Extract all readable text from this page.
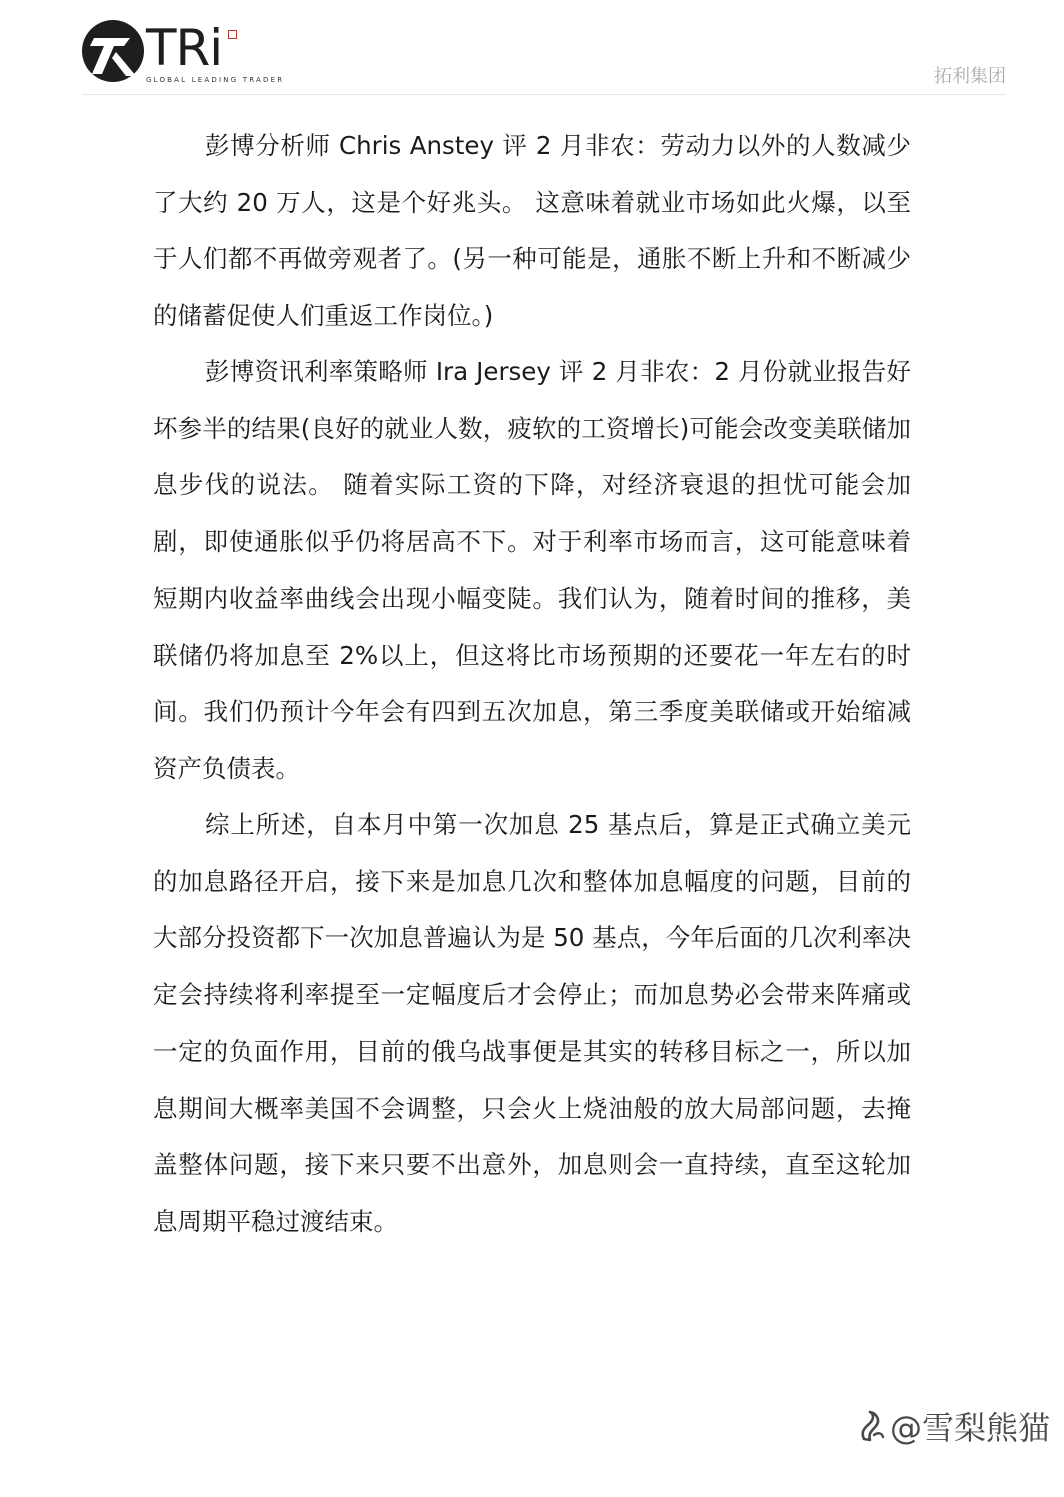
TRi
GLOBAL LEADING TRADER	拓利集团

彭博分析师 Chris Anstey 评 2 月非农：劳动力以外的人数减少了大约 20 万人，这是个好兆头。 这意味着就业市场如此火爆，以至于人们都不再做旁观者了。(另一种可能是，通胀不断上升和不断减少的储蓄促使人们重返工作岗位。)

彭博资讯利率策略师 Ira Jersey 评 2 月非农：2 月份就业报告好坏参半的结果(良好的就业人数，疲软的工资增长)可能会改变美联储加息步伐的说法。 随着实际工资的下降，对经济衰退的担忧可能会加剧，即使通胀似乎仍将居高不下。对于利率市场而言，这可能意味着短期内收益率曲线会出现小幅变陡。我们认为，随着时间的推移，美联储仍将加息至 2%以上，但这将比市场预期的还要花一年左右的时间。我们仍预计今年会有四到五次加息，第三季度美联储或开始缩减资产负债表。

综上所述，自本月中第一次加息 25 基点后，算是正式确立美元的加息路径开启，接下来是加息几次和整体加息幅度的问题，目前的大部分投资都下一次加息普遍认为是 50 基点，今年后面的几次利率决定会持续将利率提至一定幅度后才会停止；而加息势必会带来阵痛或一定的负面作用，目前的俄乌战事便是其实的转移目标之一，所以加息期间大概率美国不会调整，只会火上烧油般的放大局部问题，去掩盖整体问题，接下来只要不出意外，加息则会一直持续，直至这轮加息周期平稳过渡结束。

@雪梨熊猫
